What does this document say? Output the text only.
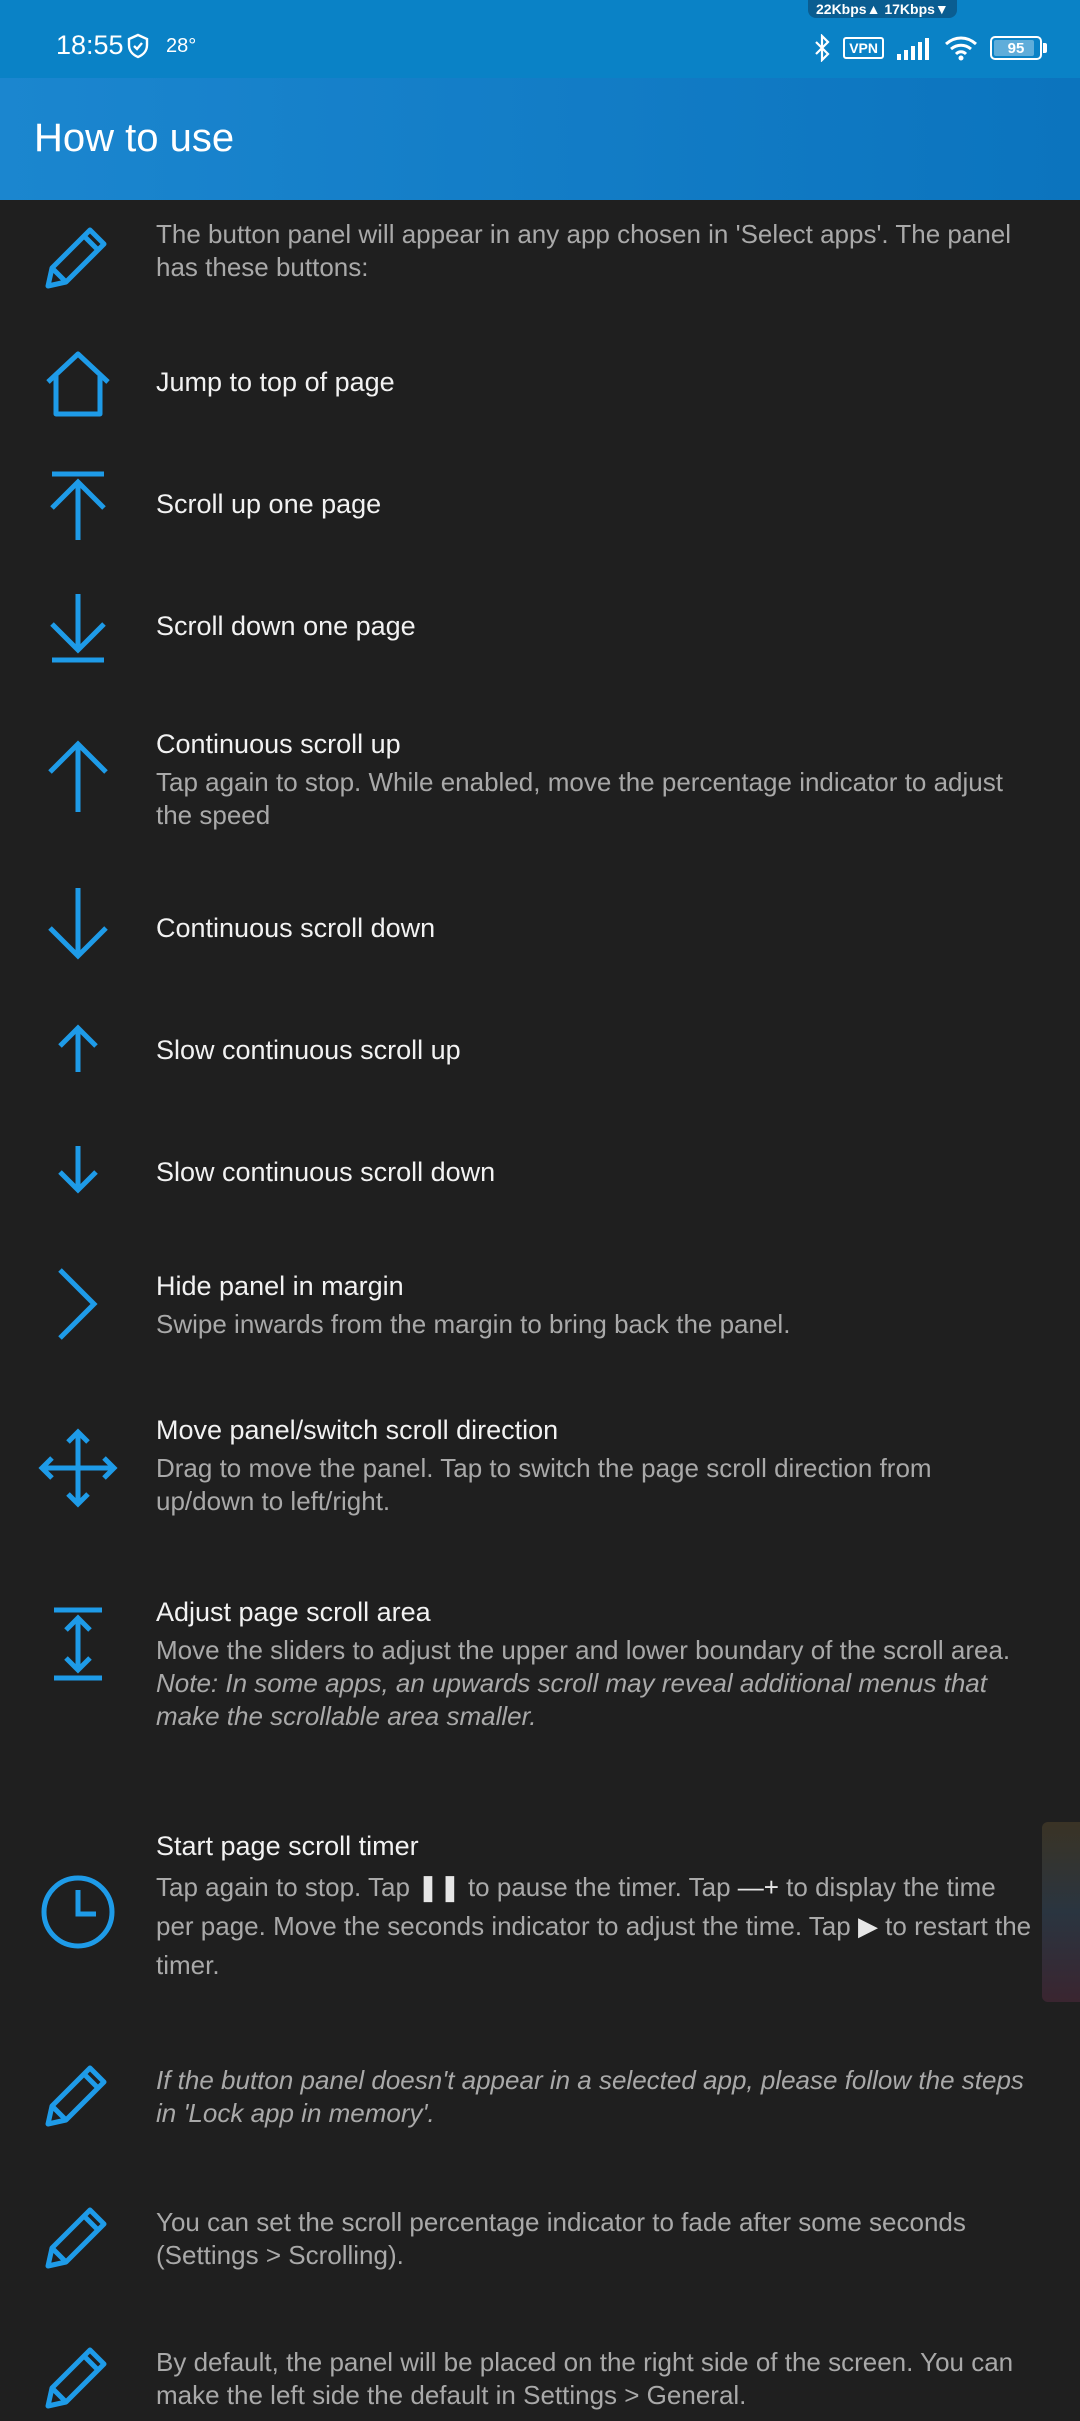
18:55 28°
22Kbps▲ 17Kbps▼
VPN	95
How to use
The button panel will appear in any app chosen in 'Select apps'. The panel has these buttons:
Jump to top of page
Scroll up one page
Scroll down one page
Continuous scroll up
Tap again to stop. While enabled, move the percentage indicator to adjust the speed
Continuous scroll down
Slow continuous scroll up
Slow continuous scroll down
Hide panel in margin
Swipe inwards from the margin to bring back the panel.
Move panel/switch scroll direction
Drag to move the panel. Tap to switch the page scroll direction from up/down to left/right.
Adjust page scroll area
Move the sliders to adjust the upper and lower boundary of the scroll area.
Note: In some apps, an upwards scroll may reveal additional menus that make the scrollable area smaller.
Start page scroll timer
Tap again to stop. Tap ❚❚ to pause the timer. Tap —+ to display the time per page. Move the seconds indicator to adjust the time. Tap ▶ to restart the timer.
If the button panel doesn't appear in a selected app, please follow the steps in 'Lock app in memory'.
You can set the scroll percentage indicator to fade after some seconds (Settings > Scrolling).
By default, the panel will be placed on the right side of the screen. You can make the left side the default in Settings > General.
